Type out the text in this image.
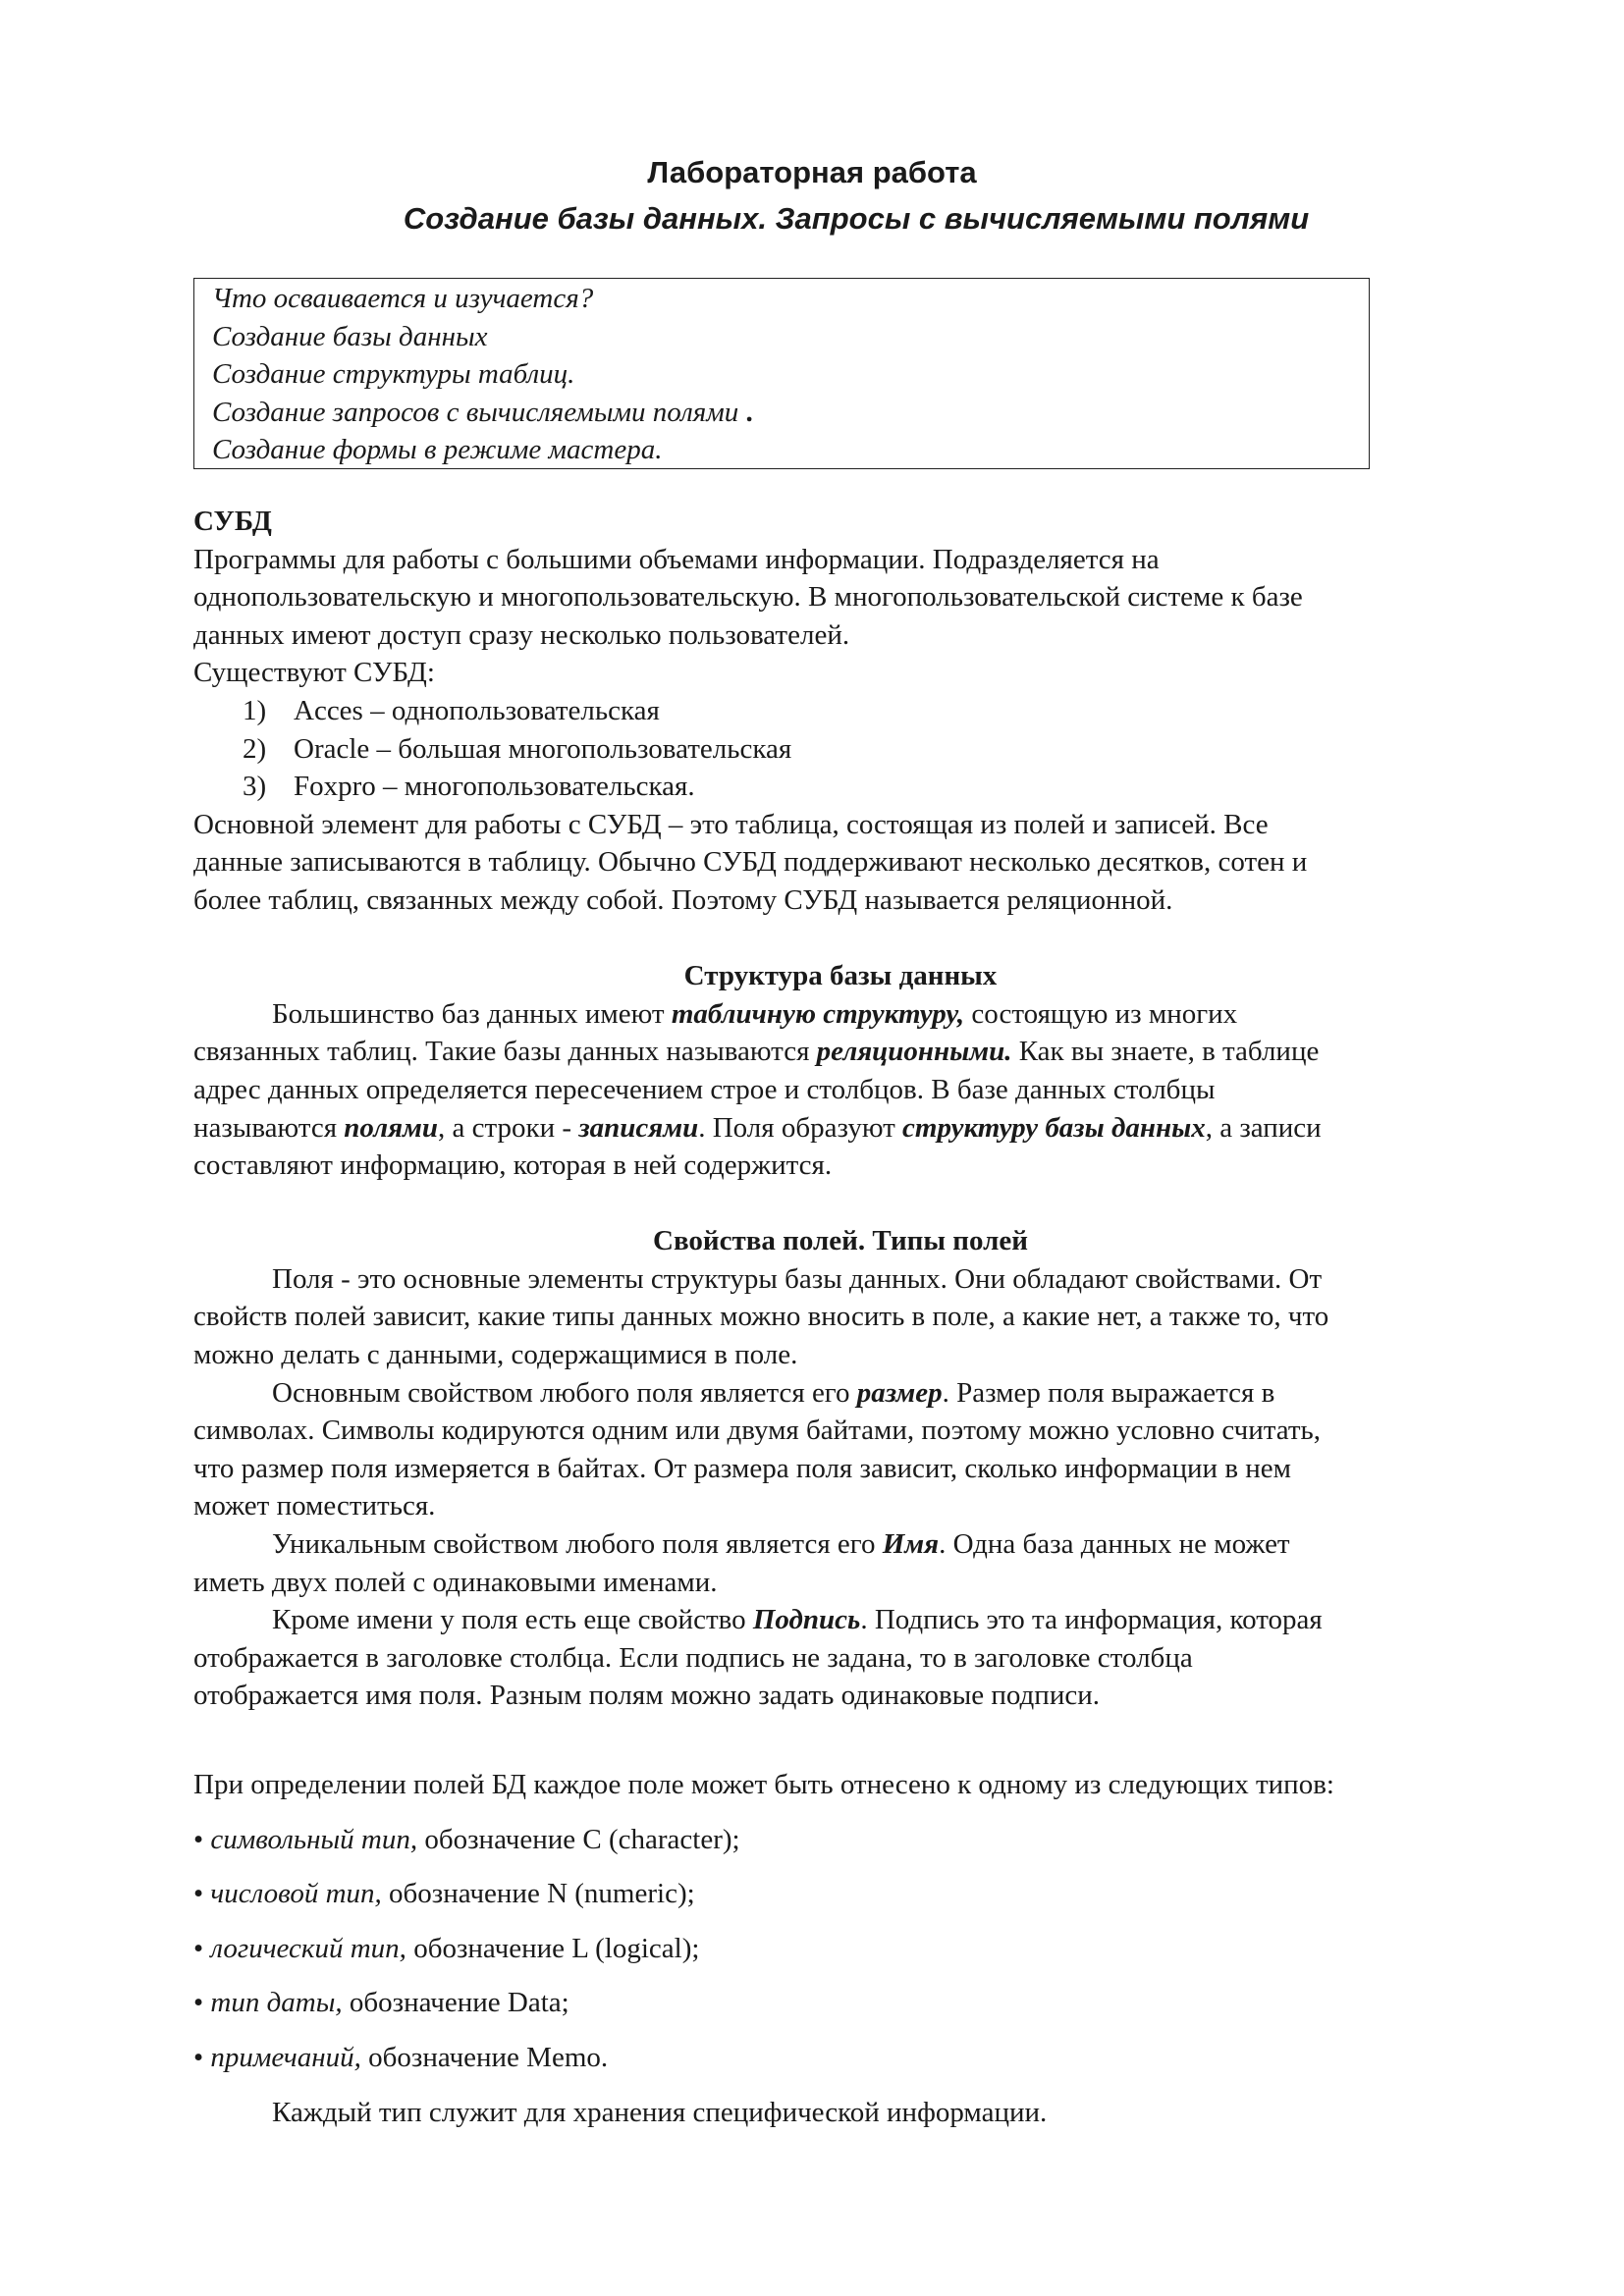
Лабораторная работа
Создание базы данных. Запросы с вычисляемыми полями
Что осваивается и изучается?
Создание базы данных
Создание структуры таблиц.
Создание запросов с вычисляемыми полями .
Создание формы в режиме мастера.

СУБД

Программы для работы с большими объемами информации. Подразделяется на

однопользовательскую и многопользовательскую. В многопользовательской системе к базе

данных имеют доступ сразу несколько пользователей.

Существуют СУБД:

1) Acces – однопользовательская

2) Oracle – большая многопользовательская

3) Foxpro – многопользовательская.

Основной элемент для работы с СУБД – это таблица, состоящая из полей и записей. Все

данные записываются в таблицу. Обычно СУБД поддерживают несколько десятков, сотен и

более таблиц, связанных между собой. Поэтому СУБД называется реляционной.

Структура базы данных

Большинство баз данных имеют табличную структуру, состоящую из многих

связанных таблиц. Такие базы данных называются реляционными. Как вы знаете, в таблице

адрес данных определяется пересечением строе и столбцов. В базе данных столбцы

называются полями, а строки - записями. Поля образуют структуру базы данных, а записи

составляют информацию, которая в ней содержится.

Свойства полей. Типы полей

Поля - это основные элементы структуры базы данных. Они обладают свойствами. От

свойств полей зависит, какие типы данных можно вносить в поле, а какие нет, а также то, что

можно делать с данными, содержащимися в поле.

Основным свойством любого поля является его размер. Размер поля выражается в

символах. Символы кодируются одним или двумя байтами, поэтому можно условно считать,

что размер поля измеряется в байтах. От размера поля зависит, сколько информации в нем

может поместиться.

Уникальным свойством любого поля является его Имя. Одна база данных не может

иметь двух полей с одинаковыми именами.

Кроме имени у поля есть еще свойство Подпись. Подпись это та информация, которая

отображается в заголовке столбца. Если подпись не задана, то в заголовке столбца

отображается имя поля. Разным полям можно задать одинаковые подписи.

При определении полей БД каждое поле может быть отнесено к одному из следующих типов:

• символьный тип, обозначение С (character);

• числовой тип, обозначение N (numeric);

• логический тип, обозначение L (logical);

• тип даты, обозначение Data;

• примечаний, обозначение Memo.

Каждый тип служит для хранения специфической информации.
